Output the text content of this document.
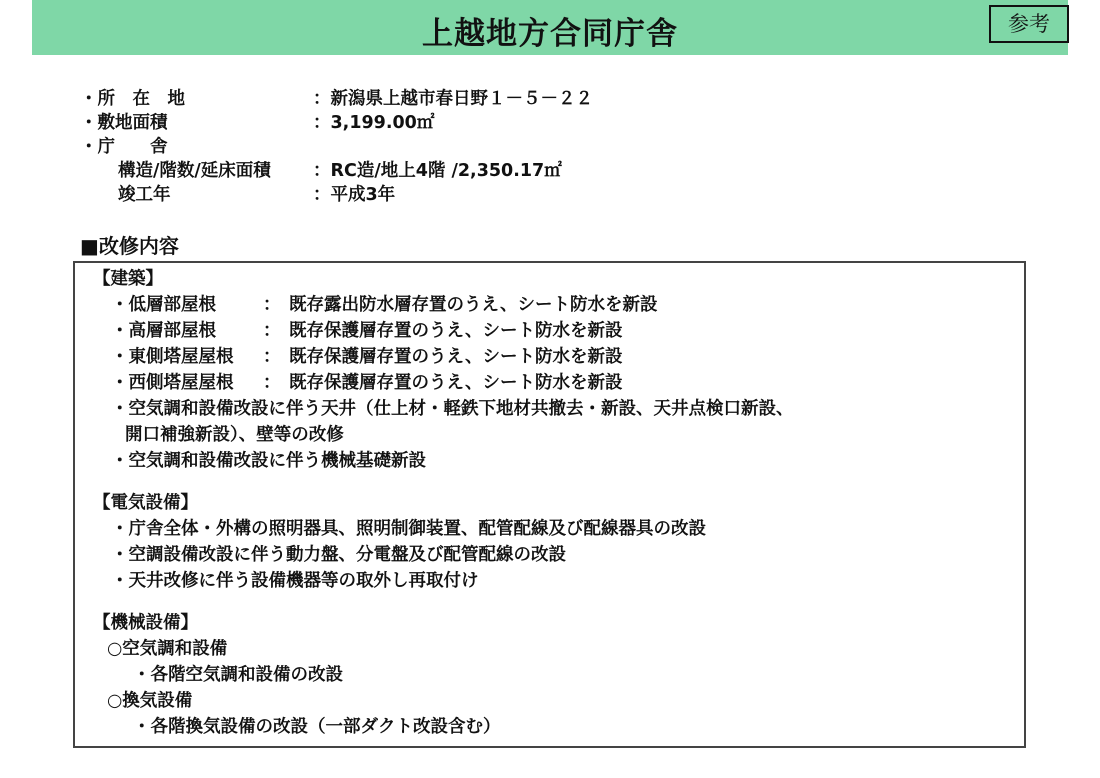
上越地方合同庁舎	参考
・所　在　地	：新潟県上越市春日野１－５－２２
・敷地面積	：3,199.00㎡
・庁　　舎
構造/階数/延床面積 ：RC造/地上4階 /2,350.17㎡
竣工年	：平成3年
■改修内容
【建築】
・低層部屋根	： 既存露出防水層存置のうえ、シート防水を新設
・高層部屋根	： 既存保護層存置のうえ、シート防水を新設
・東側塔屋屋根 ： 既存保護層存置のうえ、シート防水を新設
・西側塔屋屋根 ： 既存保護層存置のうえ、シート防水を新設
・空気調和設備改設に伴う天井（仕上材・軽鉄下地材共撤去・新設、天井点検口新設、
開口補強新設）、壁等の改修
・空気調和設備改設に伴う機械基礎新設
【電気設備】
・庁舎全体・外構の照明器具、照明制御装置、配管配線及び配線器具の改設
・空調設備改設に伴う動力盤、分電盤及び配管配線の改設
・天井改修に伴う設備機器等の取外し再取付け
【機械設備】
○空気調和設備
・各階空気調和設備の改設
○換気設備
・各階換気設備の改設（一部ダクト改設含む）
